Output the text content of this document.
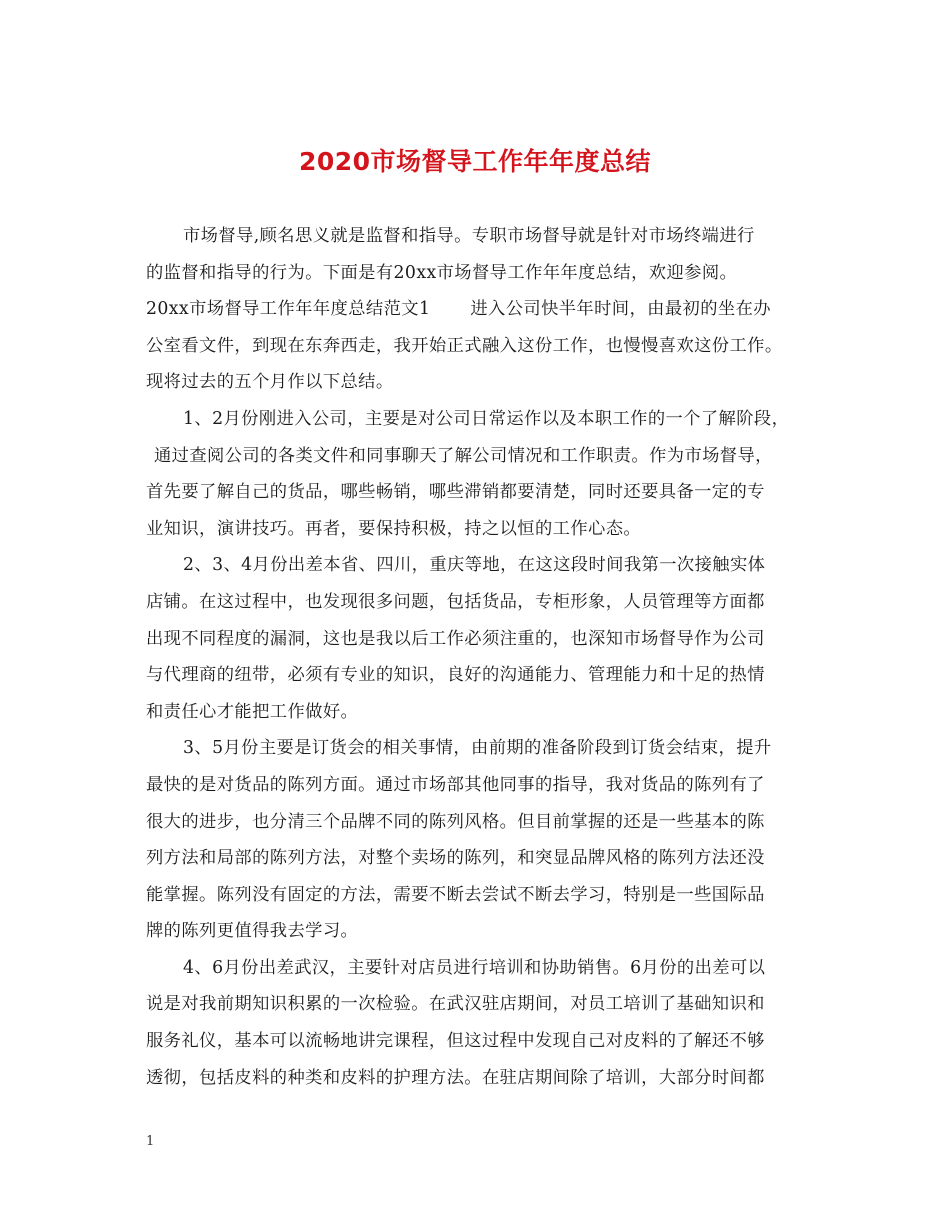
2020市场督导工作年年度总结
市场督导,顾名思义就是监督和指导。专职市场督导就是针对市场终端进行
的监督和指导的行为。下面是有20xx市场督导工作年年度总结，欢迎参阅。
20xx市场督导工作年年度总结范文1 进入公司快半年时间，由最初的坐在办
公室看文件，到现在东奔西走，我开始正式融入这份工作，也慢慢喜欢这份工作。
现将过去的五个月作以下总结。
1、2月份刚进入公司，主要是对公司日常运作以及本职工作的一个了解阶段，
通过查阅公司的各类文件和同事聊天了解公司情况和工作职责。作为市场督导，
首先要了解自己的货品，哪些畅销，哪些滞销都要清楚，同时还要具备一定的专
业知识，演讲技巧。再者，要保持积极，持之以恒的工作心态。
2、3、4月份出差本省、四川，重庆等地，在这这段时间我第一次接触实体
店铺。在这过程中，也发现很多问题，包括货品，专柜形象，人员管理等方面都
出现不同程度的漏洞，这也是我以后工作必须注重的，也深知市场督导作为公司
与代理商的纽带，必须有专业的知识，良好的沟通能力、管理能力和十足的热情
和责任心才能把工作做好。
3、5月份主要是订货会的相关事情，由前期的准备阶段到订货会结束，提升
最快的是对货品的陈列方面。通过市场部其他同事的指导，我对货品的陈列有了
很大的进步，也分清三个品牌不同的陈列风格。但目前掌握的还是一些基本的陈
列方法和局部的陈列方法，对整个卖场的陈列，和突显品牌风格的陈列方法还没
能掌握。陈列没有固定的方法，需要不断去尝试不断去学习，特别是一些国际品
牌的陈列更值得我去学习。
4、6月份出差武汉，主要针对店员进行培训和协助销售。6月份的出差可以
说是对我前期知识积累的一次检验。在武汉驻店期间，对员工培训了基础知识和
服务礼仪，基本可以流畅地讲完课程，但这过程中发现自己对皮料的了解还不够
透彻，包括皮料的种类和皮料的护理方法。在驻店期间除了培训，大部分时间都
1
